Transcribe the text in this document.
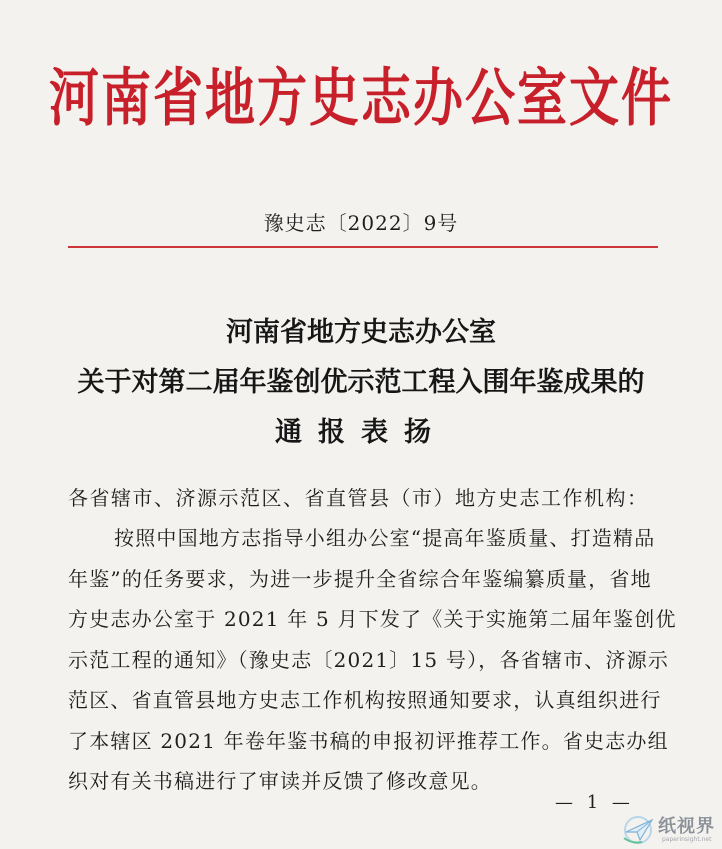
河南省地方史志办公室文件
豫史志〔2022〕9号
河南省地方史志办公室
关于对第二届年鉴创优示范工程入围年鉴成果的
通报表扬
各省辖市、济源示范区、省直管县（市）地方史志工作机构：
按照中国地方志指导小组办公室“提高年鉴质量、打造精品
年鉴”的任务要求，为进一步提升全省综合年鉴编纂质量，省地
方史志办公室于 2021 年 5 月下发了《关于实施第二届年鉴创优
示范工程的通知》（豫史志〔2021〕15 号），各省辖市、济源示
范区、省直管县地方史志工作机构按照通知要求，认真组织进行
了本辖区 2021 年卷年鉴书稿的申报初评推荐工作。省史志办组
织对有关书稿进行了审读并反馈了修改意见。
— 1 —
纸视界
paperinsight.net
